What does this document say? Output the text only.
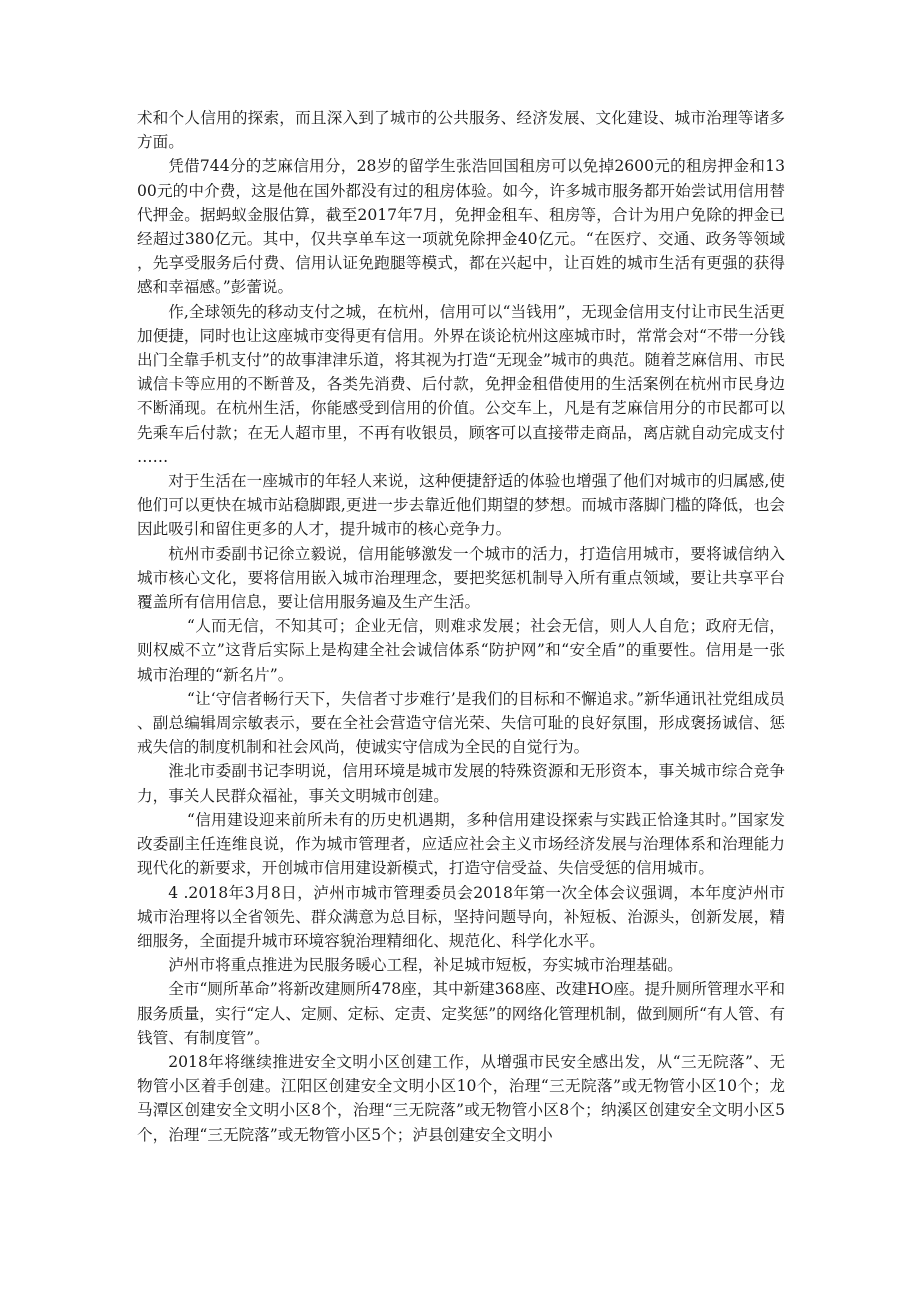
术和个人信用的探索，而且深入到了城市的公共服务、经济发展、文化建设、城市治理等诸多方面。

凭借744分的芝麻信用分，28岁的留学生张浩回国租房可以免掉2600元的租房押金和1300元的中介费，这是他在国外都没有过的租房体验。如今，许多城市服务都开始尝试用信用替代押金。据蚂蚁金服估算，截至2017年7月，免押金租车、租房等，合计为用户免除的押金已经超过380亿元。其中，仅共享单车这一项就免除押金40亿元。“在医疗、交通、政务等领域，先享受服务后付费、信用认证免跑腿等模式，都在兴起中，让百姓的城市生活有更强的获得感和幸福感。”彭蕾说。

作,全球领先的移动支付之城，在杭州，信用可以“当钱用”，无现金信用支付让市民生活更加便捷，同时也让这座城市变得更有信用。外界在谈论杭州这座城市时，常常会对“不带一分钱出门全靠手机支付”的故事津津乐道，将其视为打造“无现金”城市的典范。随着芝麻信用、市民诚信卡等应用的不断普及，各类先消费、后付款，免押金租借使用的生活案例在杭州市民身边不断涌现。在杭州生活，你能感受到信用的价值。公交车上，凡是有芝麻信用分的市民都可以先乘车后付款；在无人超市里，不再有收银员，顾客可以直接带走商品，离店就自动完成支付……

对于生活在一座城市的年轻人来说，这种便捷舒适的体验也增强了他们对城市的归属感,使他们可以更快在城市站稳脚跟,更进一步去靠近他们期望的梦想。而城市落脚门槛的降低，也会因此吸引和留住更多的人才，提升城市的核心竞争力。

杭州市委副书记徐立毅说，信用能够激发一个城市的活力，打造信用城市，要将诚信纳入城市核心文化，要将信用嵌入城市治理理念，要把奖惩机制导入所有重点领域，要让共享平台覆盖所有信用信息，要让信用服务遍及生产生活。

“人而无信，不知其可；企业无信，则难求发展；社会无信，则人人自危；政府无信，则权威不立”这背后实际上是构建全社会诚信体系“防护网”和“安全盾”的重要性。信用是一张城市治理的“新名片”。

“让‘守信者畅行天下，失信者寸步难行’是我们的目标和不懈追求。”新华通讯社党组成员、副总编辑周宗敏表示，要在全社会营造守信光荣、失信可耻的良好氛围，形成褒扬诚信、惩戒失信的制度机制和社会风尚，使诚实守信成为全民的自觉行为。

淮北市委副书记李明说，信用环境是城市发展的特殊资源和无形资本，事关城市综合竞争力，事关人民群众福祉，事关文明城市创建。

“信用建设迎来前所未有的历史机遇期，多种信用建设探索与实践正恰逢其时。”国家发改委副主任连维良说，作为城市管理者，应适应社会主义市场经济发展与治理体系和治理能力现代化的新要求，开创城市信用建设新模式，打造守信受益、失信受惩的信用城市。

4 .2018年3月8日，泸州市城市管理委员会2018年第一次全体会议强调，本年度泸州市城市治理将以全省领先、群众满意为总目标，坚持问题导向，补短板、治源头，创新发展，精细服务，全面提升城市环境容貌治理精细化、规范化、科学化水平。

泸州市将重点推进为民服务暖心工程，补足城市短板，夯实城市治理基础。

全市“厕所革命”将新改建厕所478座，其中新建368座、改建HO座。提升厕所管理水平和服务质量，实行“定人、定厕、定标、定责、定奖惩”的网络化管理机制，做到厕所“有人管、有钱管、有制度管”。

2018年将继续推进安全文明小区创建工作，从增强市民安全感出发，从“三无院落”、无物管小区着手创建。江阳区创建安全文明小区10个，治理“三无院落”或无物管小区10个；龙马潭区创建安全文明小区8个，治理“三无院落”或无物管小区8个；纳溪区创建安全文明小区5个，治理“三无院落”或无物管小区5个；泸县创建安全文明小
